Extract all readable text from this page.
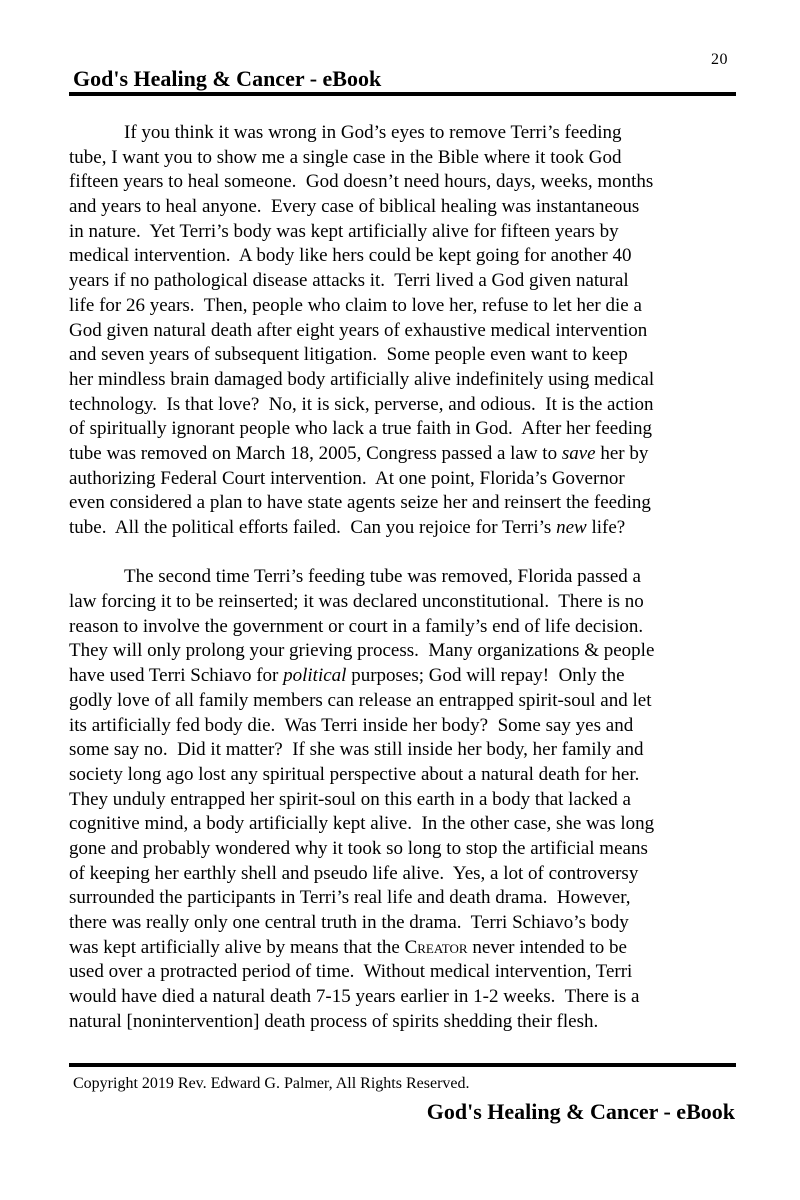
20
God's Healing & Cancer - eBook
If you think it was wrong in God’s eyes to remove Terri’s feeding
tube, I want you to show me a single case in the Bible where it took God
fifteen years to heal someone.  God doesn’t need hours, days, weeks, months
and years to heal anyone.  Every case of biblical healing was instantaneous
in nature.  Yet Terri’s body was kept artificially alive for fifteen years by
medical intervention.  A body like hers could be kept going for another 40
years if no pathological disease attacks it.  Terri lived a God given natural
life for 26 years.  Then, people who claim to love her, refuse to let her die a
God given natural death after eight years of exhaustive medical intervention
and seven years of subsequent litigation.  Some people even want to keep
her mindless brain damaged body artificially alive indefinitely using medical
technology.  Is that love?  No, it is sick, perverse, and odious.  It is the action
of spiritually ignorant people who lack a true faith in God.  After her feeding
tube was removed on March 18, 2005, Congress passed a law to save her by
authorizing Federal Court intervention.  At one point, Florida’s Governor
even considered a plan to have state agents seize her and reinsert the feeding
tube.  All the political efforts failed.  Can you rejoice for Terri’s new life?
The second time Terri’s feeding tube was removed, Florida passed a
law forcing it to be reinserted; it was declared unconstitutional.  There is no
reason to involve the government or court in a family’s end of life decision.
They will only prolong your grieving process.  Many organizations & people
have used Terri Schiavo for political purposes; God will repay!  Only the
godly love of all family members can release an entrapped spirit-soul and let
its artificially fed body die.  Was Terri inside her body?  Some say yes and
some say no.  Did it matter?  If she was still inside her body, her family and
society long ago lost any spiritual perspective about a natural death for her.
They unduly entrapped her spirit-soul on this earth in a body that lacked a
cognitive mind, a body artificially kept alive.  In the other case, she was long
gone and probably wondered why it took so long to stop the artificial means
of keeping her earthly shell and pseudo life alive.  Yes, a lot of controversy
surrounded the participants in Terri’s real life and death drama.  However,
there was really only one central truth in the drama.  Terri Schiavo’s body
was kept artificially alive by means that the Creator never intended to be
used over a protracted period of time.  Without medical intervention, Terri
would have died a natural death 7-15 years earlier in 1-2 weeks.  There is a
natural [nonintervention] death process of spirits shedding their flesh.
Copyright 2019 Rev. Edward G. Palmer, All Rights Reserved.
God's Healing & Cancer - eBook
